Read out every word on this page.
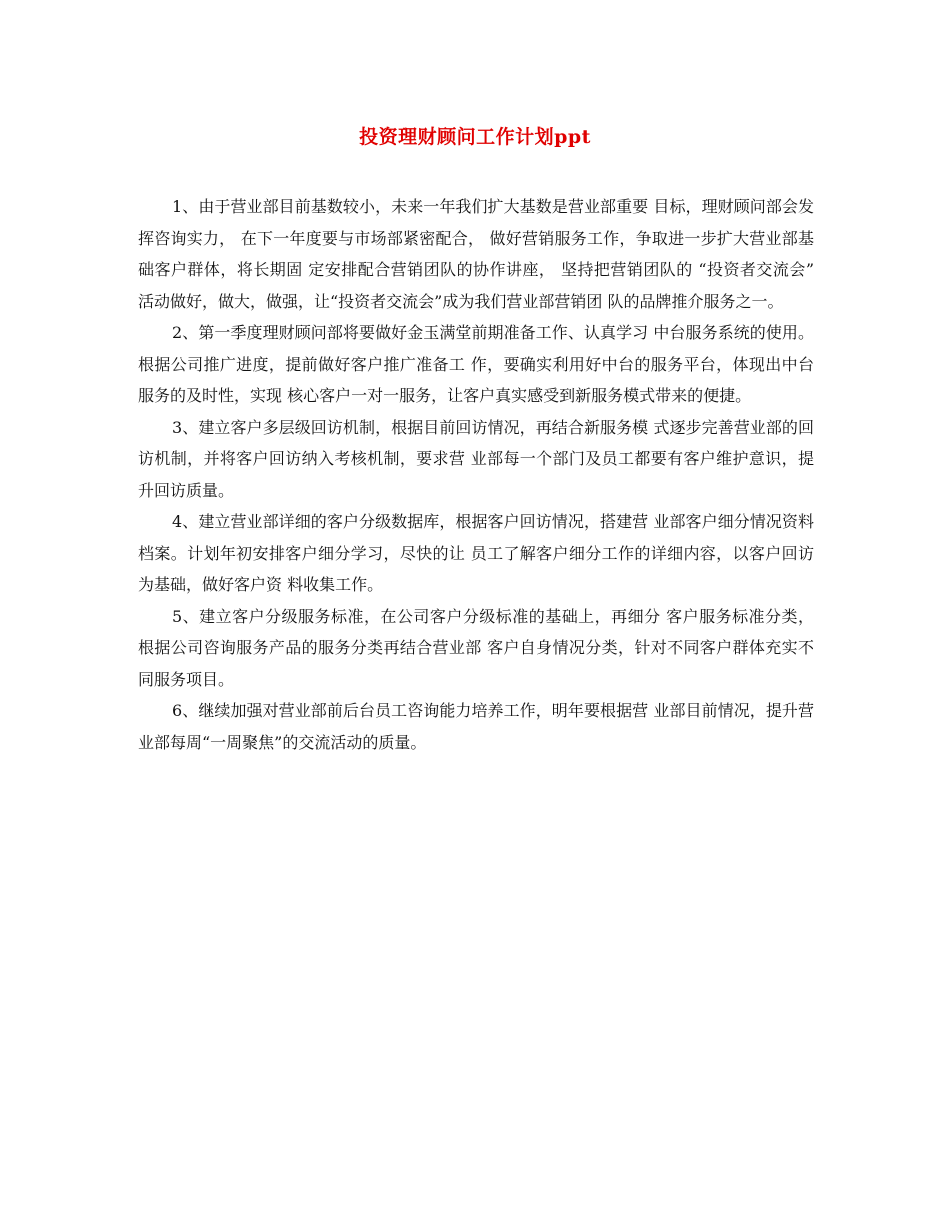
投资理财顾问工作计划ppt

1、由于营业部目前基数较小，未来一年我们扩大基数是营业部重要 目标，理财顾问部会发挥咨询实力， 在下一年度要与市场部紧密配合， 做好营销服务工作，争取进一步扩大营业部基础客户群体，将长期固 定安排配合营销团队的协作讲座， 坚持把营销团队的 “投资者交流会” 活动做好，做大，做强，让“投资者交流会”成为我们营业部营销团 队的品牌推介服务之一。

2、第一季度理财顾问部将要做好金玉满堂前期准备工作、认真学习 中台服务系统的使用。根据公司推广进度，提前做好客户推广准备工 作，要确实利用好中台的服务平台，体现出中台服务的及时性，实现 核心客户一对一服务，让客户真实感受到新服务模式带来的便捷。

3、建立客户多层级回访机制，根据目前回访情况，再结合新服务模 式逐步完善营业部的回访机制，并将客户回访纳入考核机制，要求营 业部每一个部门及员工都要有客户维护意识，提升回访质量。

4、建立营业部详细的客户分级数据库，根据客户回访情况，搭建营 业部客户细分情况资料档案。计划年初安排客户细分学习，尽快的让 员工了解客户细分工作的详细内容，以客户回访为基础，做好客户资 料收集工作。

5、建立客户分级服务标准，在公司客户分级标准的基础上，再细分 客户服务标准分类， 根据公司咨询服务产品的服务分类再结合营业部 客户自身情况分类，针对不同客户群体充实不同服务项目。

6、继续加强对营业部前后台员工咨询能力培养工作，明年要根据营 业部目前情况，提升营业部每周“一周聚焦”的交流活动的质量。
